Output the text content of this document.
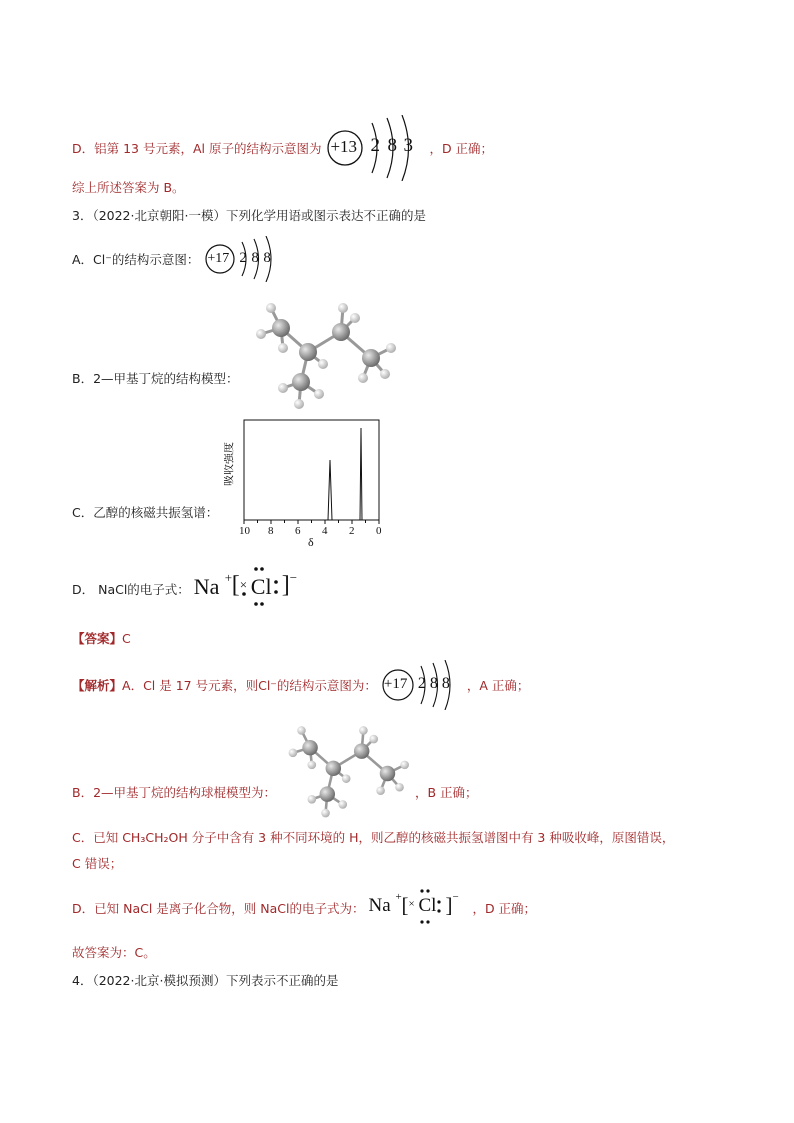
D．铝第 13 号元素，Al 原子的结构示意图为 +13 2 8 3 ，D 正确；
综上所述答案为 B。
3．（2022·北京朝阳·一模）下列化学用语或图示表达不正确的是
A．Cl⁻的结构示意图： +17 2 8 8
B．2—甲基丁烷的结构模型：
C．乙醇的核磁共振氢谱：
吸收强度
10 8 6 4 2 0
δ
D． NaCl的电子式： Na + [ × Cl ] −
【答案】C
【解析】A．Cl 是 17 号元素，则Cl⁻的结构示意图为： +17 2 8 8 ，A 正确；
B．2—甲基丁烷的结构球棍模型为：	，B 正确；
C．已知 CH₃CH₂OH 分子中含有 3 种不同环境的 H，则乙醇的核磁共振氢谱图中有 3 种吸收峰，原图错误，
C 错误；
D．已知 NaCl 是离子化合物，则 NaCl的电子式为： Na + [ × Cl ] −
，D 正确；
故答案为：C。
4．（2022·北京·模拟预测）下列表示不正确的是
